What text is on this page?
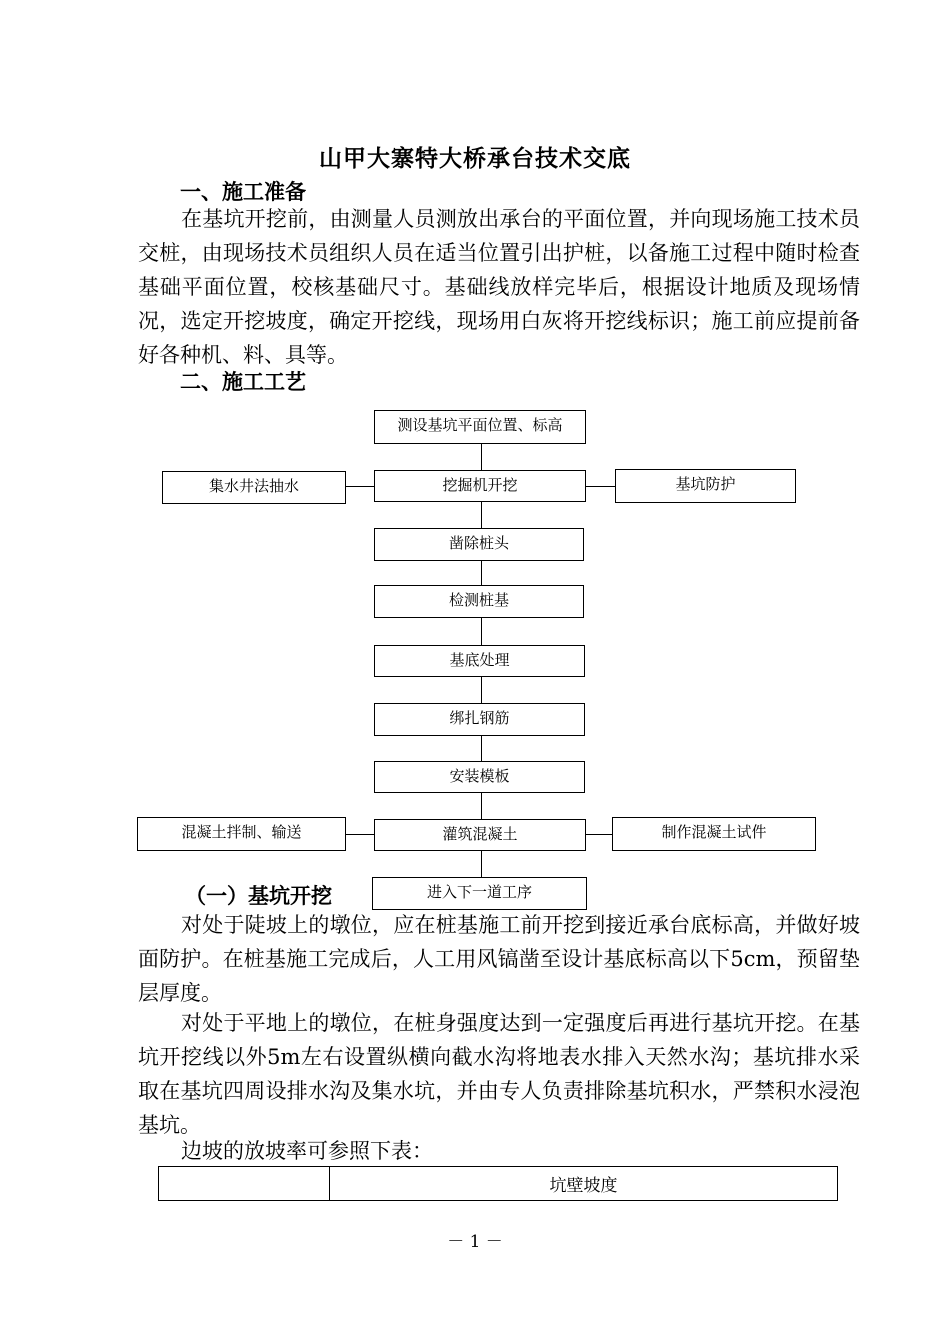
山甲大寨特大桥承台技术交底
一、施工准备

在基坑开挖前，由测量人员测放出承台的平面位置，并向现场施工技术员交桩，由现场技术员组织人员在适当位置引出护桩，以备施工过程中随时检查基础平面位置，校核基础尺寸。基础线放样完毕后，根据设计地质及现场情况，选定开挖坡度，确定开挖线，现场用白灰将开挖线标识；施工前应提前备好各种机、料、具等。

二、施工工艺
测设基坑平面位置、标高
挖掘机开挖
凿除桩头
检测桩基
基底处理
绑扎钢筋
安装模板
灌筑混凝土
进入下一道工序
集水井法抽水	基坑防护
混凝土拌制、输送	制作混凝土试件
（一）基坑开挖

对处于陡坡上的墩位，应在桩基施工前开挖到接近承台底标高，并做好坡面防护。在桩基施工完成后，人工用风镐凿至设计基底标高以下5cm，预留垫层厚度。

对处于平地上的墩位，在桩身强度达到一定强度后再进行基坑开挖。在基坑开挖线以外5m左右设置纵横向截水沟将地表水排入天然水沟；基坑排水采取在基坑四周设排水沟及集水坑，并由专人负责排除基坑积水，严禁积水浸泡基坑。

边坡的放坡率可参照下表：

	坑壁坡度
－ 1 －
